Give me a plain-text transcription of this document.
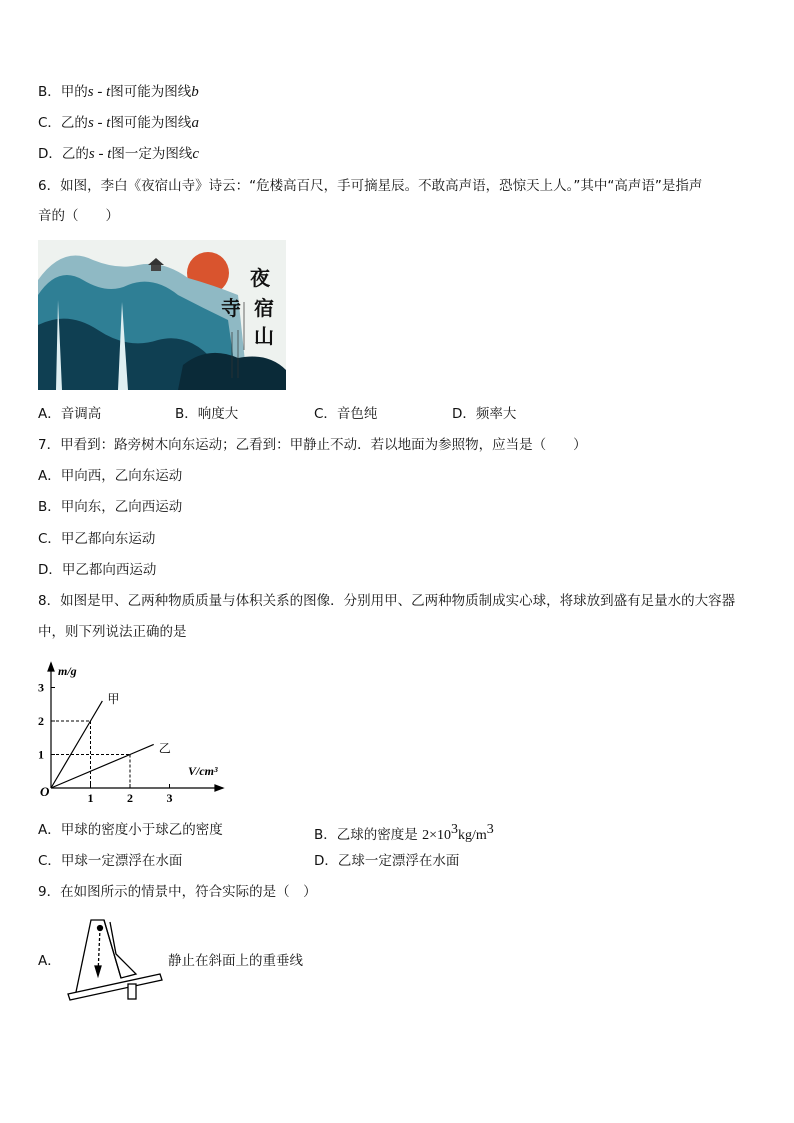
B．甲的s - t图可能为图线b
C．乙的s - t图可能为图线a
D．乙的s - t图一定为图线c
6．如图，李白《夜宿山寺》诗云：“危楼高百尺，手可摘星辰。不敢高声语，恐惊天上人。”其中“高声语”是指声
音的（　　）
夜
宿
山
寺
A．音调高	B．响度大	C．音色纯	D．频率大
7．甲看到：路旁树木向东运动；乙看到：甲静止不动．若以地面为参照物，应当是（　　）
A．甲向西，乙向东运动
B．甲向东，乙向西运动
C．甲乙都向东运动
D．甲乙都向西运动
8．如图是甲、乙两种物质质量与体积关系的图像．分别用甲、乙两种物质制成实心球，将球放到盛有足量水的大容器
中，则下列说法正确的是
1	2	3
1
2
3
甲
乙
m/g
V/cm³
O
A．甲球的密度小于球乙的密度	B．乙球的密度是 $2\times 10^3kg/m^3$
C．甲球一定漂浮在水面	D．乙球一定漂浮在水面
9．在如图所示的情景中，符合实际的是（　）
A．	静止在斜面上的重垂线
